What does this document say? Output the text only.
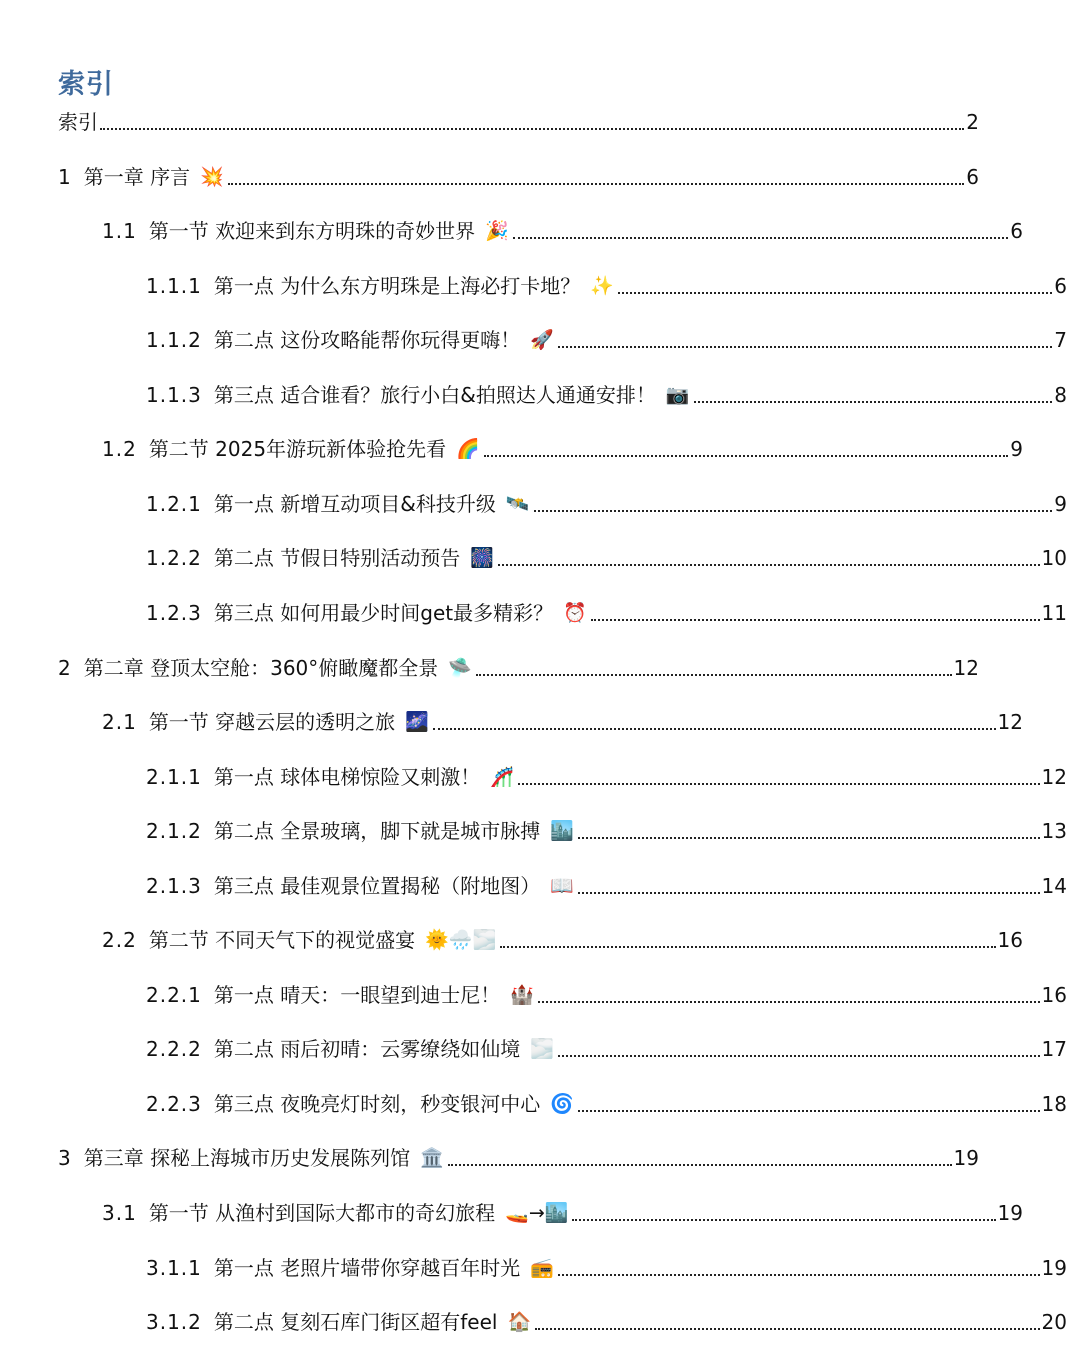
索引
索引	2
1 第一章 序言 💥	6
1.1 第一节 欢迎来到东方明珠的奇妙世界 🎉	6
1.1.1 第一点 为什么东方明珠是上海必打卡地？ ✨	6
1.1.2 第二点 这份攻略能帮你玩得更嗨！ 🚀	7
1.1.3 第三点 适合谁看？旅行小白&拍照达人通通安排！ 📷	8
1.2 第二节 2025年游玩新体验抢先看 🌈	9
1.2.1 第一点 新增互动项目&科技升级 🛰️	9
1.2.2 第二点 节假日特别活动预告 🎆	10
1.2.3 第三点 如何用最少时间get最多精彩？ ⏰	11
2 第二章 登顶太空舱：360°俯瞰魔都全景 🛸	12
2.1 第一节 穿越云层的透明之旅 🌌	12
2.1.1 第一点 球体电梯惊险又刺激！ 🎢	12
2.1.2 第二点 全景玻璃，脚下就是城市脉搏 🏙️	13
2.1.3 第三点 最佳观景位置揭秘（附地图） 📖	14
2.2 第二节 不同天气下的视觉盛宴 🌞🌧️🌫️	16
2.2.1 第一点 晴天：一眼望到迪士尼！ 🏰	16
2.2.2 第二点 雨后初晴：云雾缭绕如仙境 🌫️	17
2.2.3 第三点 夜晚亮灯时刻，秒变银河中心 🌀	18
3 第三章 探秘上海城市历史发展陈列馆 🏛️	19
3.1 第一节 从渔村到国际大都市的奇幻旅程 🚤→🏙️	19
3.1.1 第一点 老照片墙带你穿越百年时光 📻	19
3.1.2 第二点 复刻石库门街区超有feel 🏠	20
